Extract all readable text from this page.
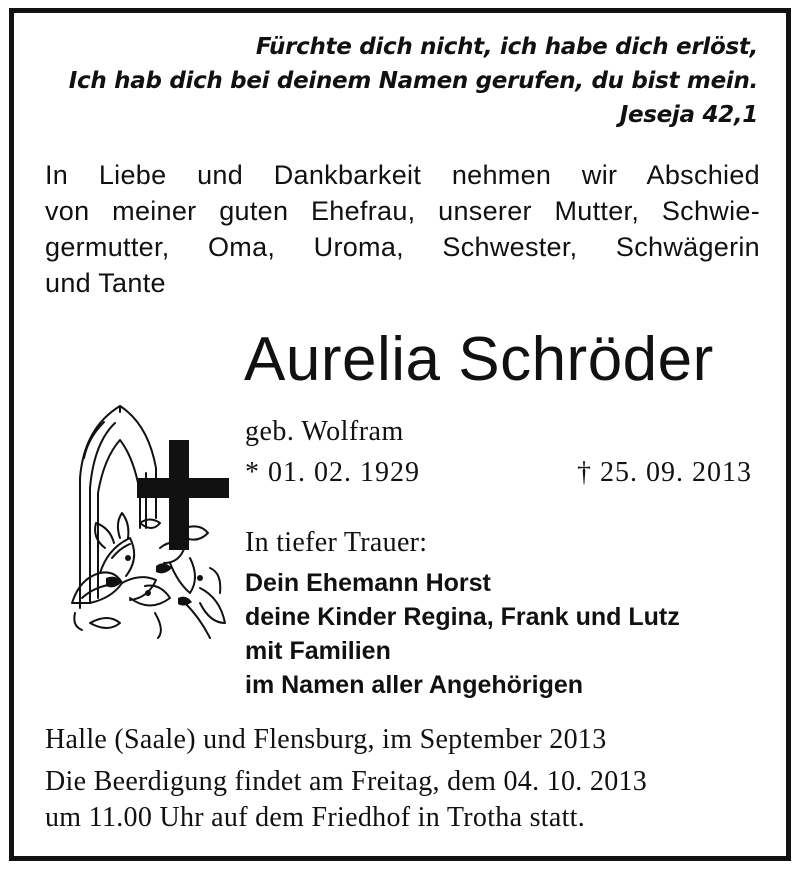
Fürchte dich nicht, ich habe dich erlöst,
Ich hab dich bei deinem Namen gerufen, du bist mein.
Jeseja 42,1
In Liebe und Dankbarkeit nehmen wir Abschied
von meiner guten Ehefrau, unserer Mutter, Schwie-
germutter, Oma, Uroma, Schwester, Schwägerin
und Tante
Aurelia Schröder
geb. Wolfram
* 01. 02. 1929	† 25. 09. 2013
In tiefer Trauer:
Dein Ehemann Horst
deine Kinder Regina, Frank und Lutz
mit Familien
im Namen aller Angehörigen
Halle (Saale) und Flensburg, im September 2013
Die Beerdigung findet am Freitag, dem 04. 10. 2013
um 11.00 Uhr auf dem Friedhof in Trotha statt.
